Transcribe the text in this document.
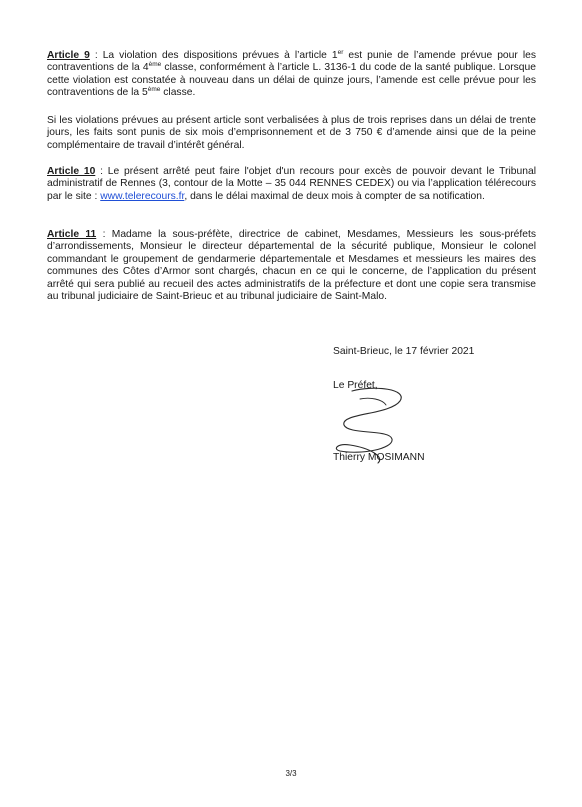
Article 9 : La violation des dispositions prévues à l’article 1er est punie de l’amende prévue pour les contraventions de la 4ème classe, conformément à l’article L. 3136-1 du code de la santé publique. Lorsque cette violation est constatée à nouveau dans un délai de quinze jours, l’amende est celle prévue pour les contraventions de la 5ème classe.

Si les violations prévues au présent article sont verbalisées à plus de trois reprises dans un délai de trente jours, les faits sont punis de six mois d’emprisonnement et de 3 750 € d’amende ainsi que de la peine complémentaire de travail d’intérêt général.

Article 10 : Le présent arrêté peut faire l'objet d'un recours pour excès de pouvoir devant le Tribunal administratif de Rennes (3, contour de la Motte – 35 044 RENNES CEDEX) ou via l’application télérecours par le site : www.telerecours.fr, dans le délai maximal de deux mois à compter de sa notification.

Article 11 : Madame la sous-préfète, directrice de cabinet, Mesdames, Messieurs les sous-préfets d’arrondissements, Monsieur le directeur départemental de la sécurité publique, Monsieur le colonel commandant le groupement de gendarmerie départementale et Mesdames et messieurs les maires des communes des Côtes d’Armor sont chargés, chacun en ce qui le concerne, de l’application du présent arrêté qui sera publié au recueil des actes administratifs de la préfecture et dont une copie sera transmise au tribunal judiciaire de Saint-Brieuc et au tribunal judiciaire de Saint-Malo.

Saint-Brieuc, le 17 février 2021

Le Préfet,

Thierry MOSIMANN

3/3
